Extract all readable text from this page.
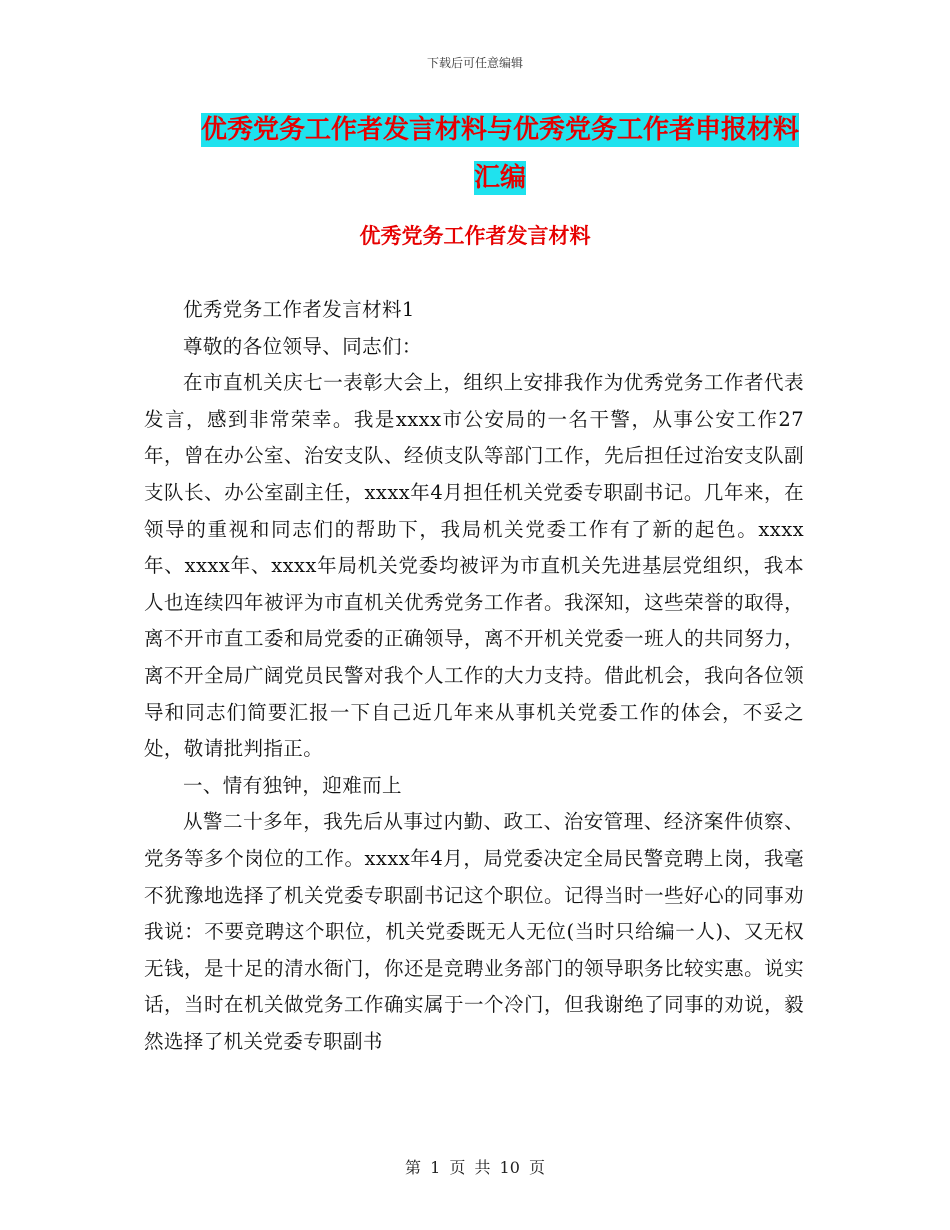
下载后可任意编辑
优秀党务工作者发言材料与优秀党务工作者申报材料
汇编
优秀党务工作者发言材料

优秀党务工作者发言材料1

尊敬的各位领导、同志们：

在市直机关庆七一表彰大会上，组织上安排我作为优秀党务工作者代表发言，感到非常荣幸。我是xxxx市公安局的一名干警，从事公安工作27年，曾在办公室、治安支队、经侦支队等部门工作，先后担任过治安支队副支队长、办公室副主任，xxxx年4月担任机关党委专职副书记。几年来，在领导的重视和同志们的帮助下，我局机关党委工作有了新的起色。xxxx年、xxxx年、xxxx年局机关党委均被评为市直机关先进基层党组织，我本人也连续四年被评为市直机关优秀党务工作者。我深知，这些荣誉的取得，离不开市直工委和局党委的正确领导，离不开机关党委一班人的共同努力，离不开全局广阔党员民警对我个人工作的大力支持。借此机会，我向各位领导和同志们简要汇报一下自己近几年来从事机关党委工作的体会，不妥之处，敬请批判指正。

一、情有独钟，迎难而上

从警二十多年，我先后从事过内勤、政工、治安管理、经济案件侦察、党务等多个岗位的工作。xxxx年4月，局党委决定全局民警竞聘上岗，我毫不犹豫地选择了机关党委专职副书记这个职位。记得当时一些好心的同事劝我说：不要竞聘这个职位，机关党委既无人无位(当时只给编一人)、又无权无钱，是十足的清水衙门，你还是竞聘业务部门的领导职务比较实惠。说实话，当时在机关做党务工作确实属于一个冷门，但我谢绝了同事的劝说，毅然选择了机关党委专职副书

第 1 页 共 10 页
